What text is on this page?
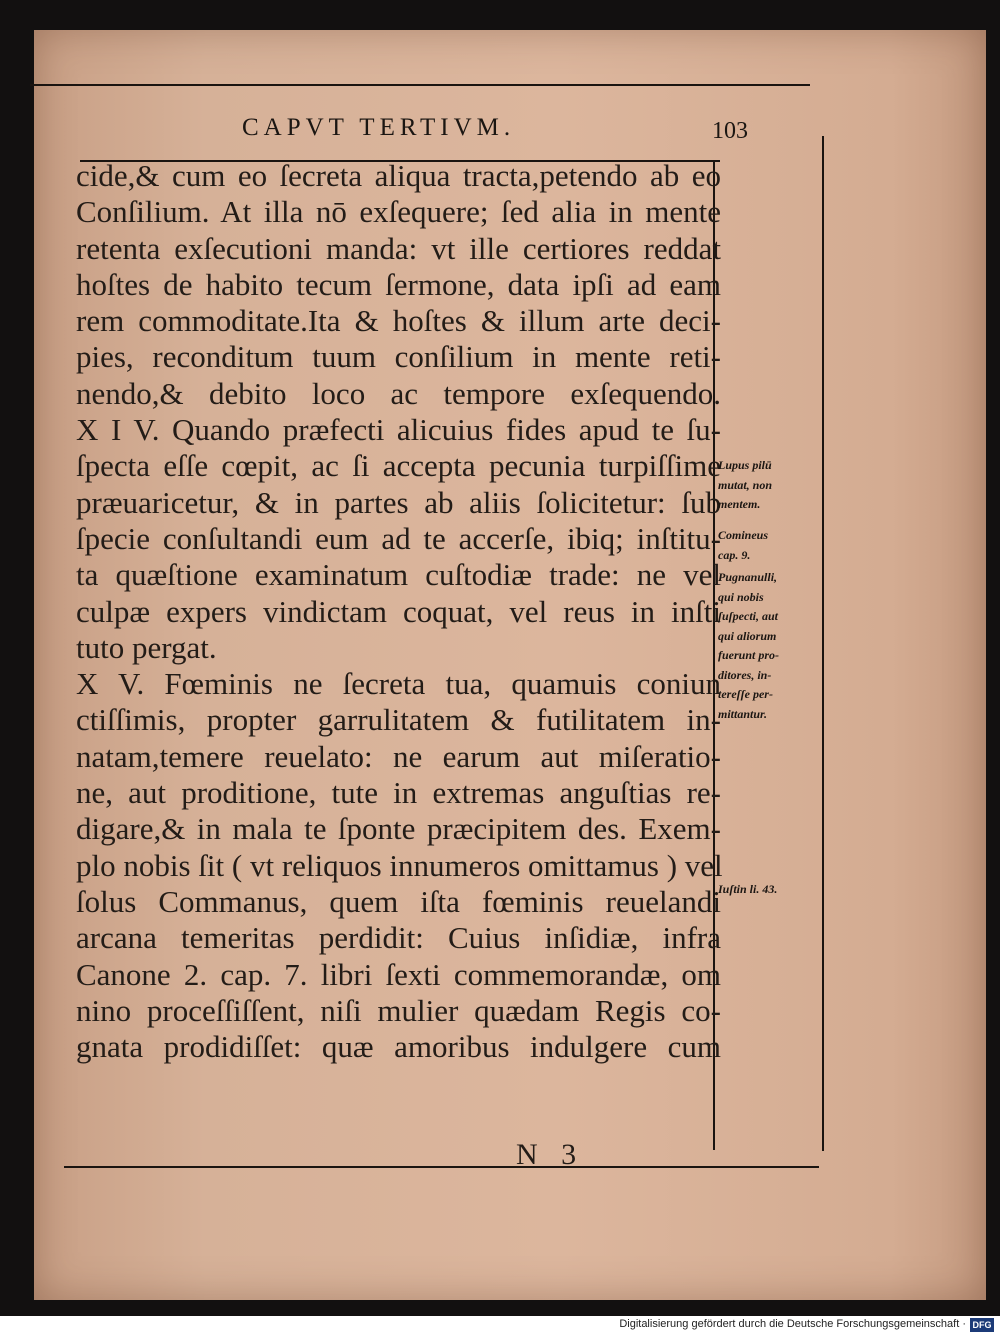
CAPVT TERTIVM.	103
cide,& cum eo ſecreta aliqua tracta,petendo ab eo
Conſilium. At illa nō exſequere; ſed alia in mente
retenta exſecutioni manda: vt ille certiores reddat
hoſtes de habito tecum ſermone, data ipſi ad eam
rem commoditate.Ita & hoſtes & illum arte deci-
pies, reconditum tuum conſilium in mente reti-
nendo,& debito loco ac tempore exſequendo.
X I V. Quando præfecti alicuius fides apud te ſu-
ſpecta eſſe cœpit, ac ſi accepta pecunia turpiſſime
præuaricetur, & in partes ab aliis ſolicitetur: ſub
ſpecie conſultandi eum ad te accerſe, ibiq; inſtitu-
ta quæſtione examinatum cuſtodiæ trade: ne vel
culpæ expers vindictam coquat, vel reus in inſti
tuto pergat.
X V. Fœminis ne ſecreta tua, quamuis coniun
ctiſſimis, propter garrulitatem & futilitatem in-
natam,temere reuelato: ne earum aut miſeratio-
ne, aut proditione, tute in extremas anguſtias re-
digare,& in mala te ſponte præcipitem des. Exem-
plo nobis ſit ( vt reliquos innumeros omittamus ) vel
ſolus Commanus, quem iſta fœminis reuelandi
arcana temeritas perdidit: Cuius inſidiæ, infra
Canone 2. cap. 7. libri ſexti commemorandæ, om
nino proceſſiſſent, niſi mulier quædam Regis co-
gnata prodidiſſet: quæ amoribus indulgere cum
Lupus pilū
mutat, non
mentem.
Comineus
cap. 9.
Pugnanulli,
qui nobis
ſuſpecti, aut
qui aliorum
fuerunt pro-
ditores, in-
tereſſe per-
mittantur.
Iuſtin li. 43.
N 3
Digitalisierung gefördert durch die Deutsche Forschungsgemeinschaft · DFG
